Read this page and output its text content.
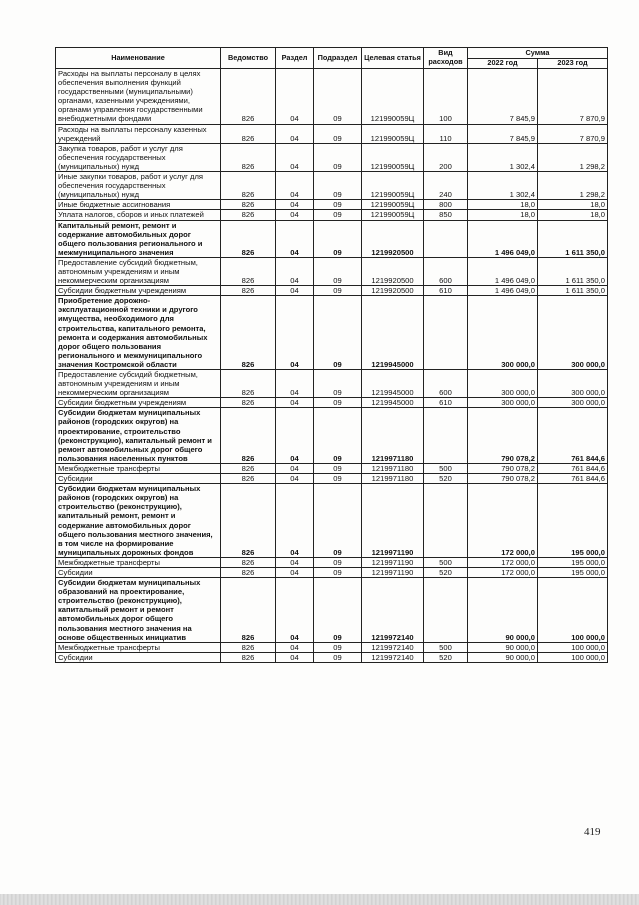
Наименование	Ведомство	Раздел	Подраздел	Целевая статья	Вид расходов	Сумма	
						2022 год	2023 год
Расходы на выплаты персоналу в целях обеспечения выполнения функций государственными (муниципальными) органами, казенными учреждениями, органами управления государственными внебюджетными фондами	826	04	09	121990059Ц	100	7 845,9	7 870,9
Расходы на выплаты персоналу казенных учреждений	826	04	09	121990059Ц	110	7 845,9	7 870,9
Закупка товаров, работ и услуг для обеспечения государственных (муниципальных) нужд	826	04	09	121990059Ц	200	1 302,4	1 298,2
Иные закупки товаров, работ и услуг для обеспечения государственных (муниципальных) нужд	826	04	09	121990059Ц	240	1 302,4	1 298,2
Иные бюджетные ассигнования	826	04	09	121990059Ц	800	18,0	18,0
Уплата налогов, сборов и иных платежей	826	04	09	121990059Ц	850	18,0	18,0
Капитальный ремонт, ремонт и содержание автомобильных дорог общего пользования регионального и межмуниципального значения	826	04	09	1219920500		1 496 049,0	1 611 350,0
Предоставление субсидий бюджетным, автономным учреждениям и иным некоммерческим организациям	826	04	09	1219920500	600	1 496 049,0	1 611 350,0
Субсидии бюджетным учреждениям	826	04	09	1219920500	610	1 496 049,0	1 611 350,0
Приобретение дорожно-эксплуатационной техники и другого имущества, необходимого для строительства, капитального ремонта, ремонта и содержания автомобильных дорог общего пользования регионального и межмуниципального значения Костромской области	826	04	09	1219945000		300 000,0	300 000,0
Предоставление субсидий бюджетным, автономным учреждениям и иным некоммерческим организациям	826	04	09	1219945000	600	300 000,0	300 000,0
Субсидии бюджетным учреждениям	826	04	09	1219945000	610	300 000,0	300 000,0
Субсидии бюджетам муниципальных районов (городских округов) на проектирование, строительство (реконструкцию), капитальный ремонт и ремонт автомобильных дорог общего пользования населенных пунктов	826	04	09	1219971180		790 078,2	761 844,6
Межбюджетные трансферты	826	04	09	1219971180	500	790 078,2	761 844,6
Субсидии	826	04	09	1219971180	520	790 078,2	761 844,6
Субсидии бюджетам муниципальных районов (городских округов) на строительство (реконструкцию), капитальный ремонт, ремонт и содержание автомобильных дорог общего пользования местного значения, в том числе на формирование муниципальных дорожных фондов	826	04	09	1219971190		172 000,0	195 000,0
Межбюджетные трансферты	826	04	09	1219971190	500	172 000,0	195 000,0
Субсидии	826	04	09	1219971190	520	172 000,0	195 000,0
Субсидии бюджетам муниципальных образований на проектирование, строительство (реконструкцию), капитальный ремонт и ремонт автомобильных дорог общего пользования местного значения на основе общественных инициатив	826	04	09	1219972140		90 000,0	100 000,0
Межбюджетные трансферты	826	04	09	1219972140	500	90 000,0	100 000,0
Субсидии	826	04	09	1219972140	520	90 000,0	100 000,0
419
